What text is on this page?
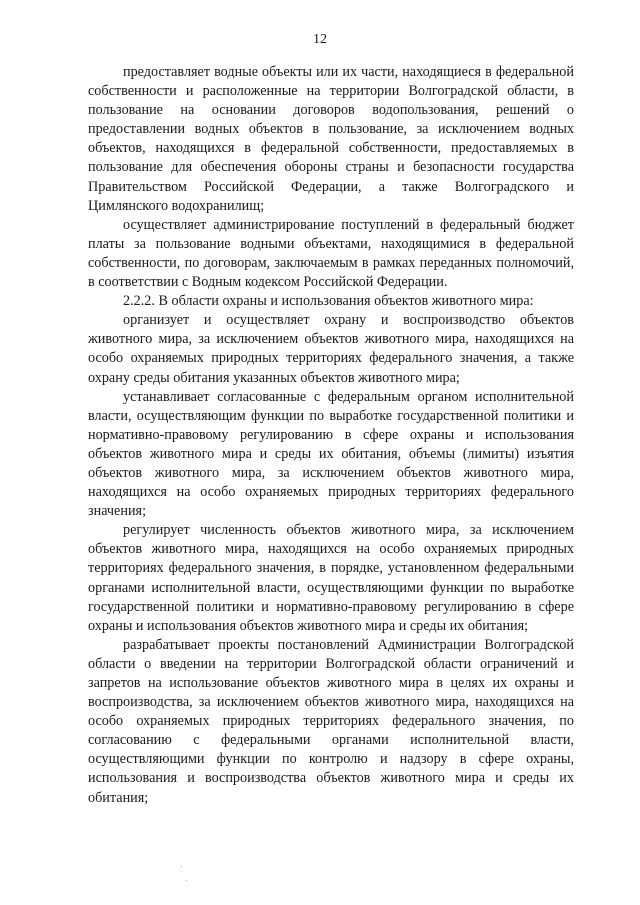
12

предоставляет водные объекты или их части, находящиеся в федеральной собственности и расположенные на территории Волгоградской области, в пользование на основании договоров водопользования, решений о предоставлении водных объектов в пользование, за исключением водных объектов, находящихся в федеральной собственности, предоставляемых в пользование для обеспечения обороны страны и безопасности государства Правительством Российской Федерации, а также Волгоградского и Цимлянского водохранилищ;

осуществляет администрирование поступлений в федеральный бюджет платы за пользование водными объектами, находящимися в федеральной собственности, по договорам, заключаемым в рамках переданных полномочий, в соответствии с Водным кодексом Российской Федерации.

2.2.2. В области охраны и использования объектов животного мира:

организует и осуществляет охрану и воспроизводство объектов животного мира, за исключением объектов животного мира, находящихся на особо охраняемых природных территориях федерального значения, а также охрану среды обитания указанных объектов животного мира;

устанавливает согласованные с федеральным органом исполнительной власти, осуществляющим функции по выработке государственной политики и нормативно-правовому регулированию в сфере охраны и использования объектов животного мира и среды их обитания, объемы (лимиты) изъятия объектов животного мира, за исключением объектов животного мира, находящихся на особо охраняемых природных территориях федерального значения;

регулирует численность объектов животного мира, за исключением объектов животного мира, находящихся на особо охраняемых природных территориях федерального значения, в порядке, установленном федеральными органами исполнительной власти, осуществляющими функции по выработке государственной политики и нормативно-правовому регулированию в сфере охраны и использования объектов животного мира и среды их обитания;

разрабатывает проекты постановлений Администрации Волгоградской области о введении на территории Волгоградской области ограничений и запретов на использование объектов животного мира в целях их охраны и воспроизводства, за исключением объектов животного мира, находящихся на особо охраняемых природных территориях федерального значения, по согласованию с федеральными органами исполнительной власти, осуществляющими функции по контролю и надзору в сфере охраны, использования и воспроизводства объектов животного мира и среды их обитания;
